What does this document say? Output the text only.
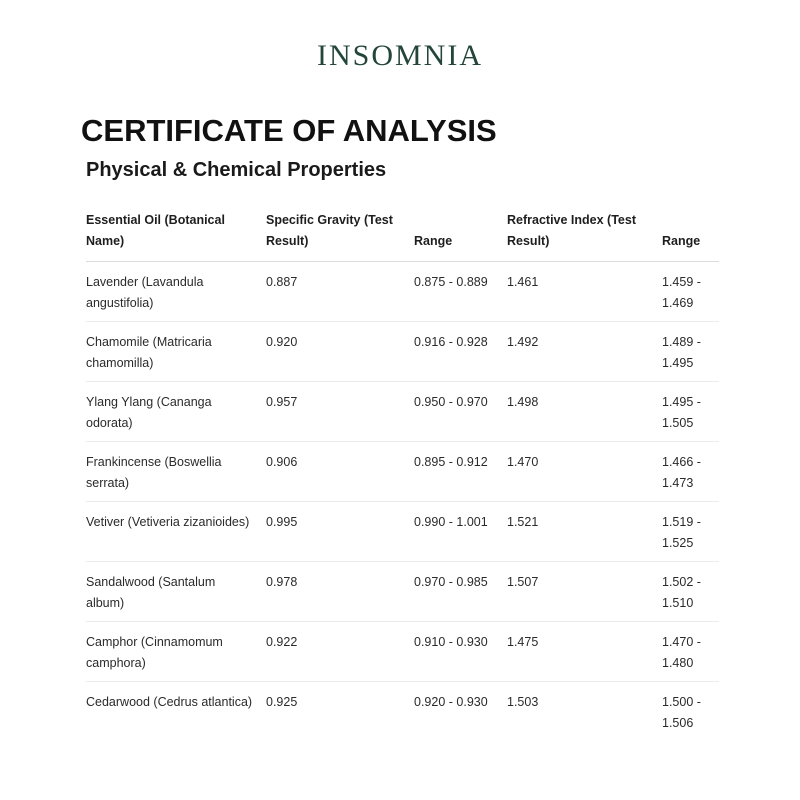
INSOMNIA
CERTIFICATE OF ANALYSIS
Physical & Chemical Properties
Essential Oil (Botanical Name)	Specific Gravity (Test Result)	Range	Refractive Index (Test Result)	Range

Lavender (Lavandula angustifolia)	0.887	0.875 - 0.889	1.461	1.459 - 1.469

Chamomile (Matricaria chamomilla)	0.920	0.916 - 0.928	1.492	1.489 - 1.495

Ylang Ylang (Cananga odorata)	0.957	0.950 - 0.970	1.498	1.495 - 1.505

Frankincense (Boswellia serrata)	0.906	0.895 - 0.912	1.470	1.466 - 1.473

Vetiver (Vetiveria zizanioides)	0.995	0.990 - 1.001	1.521	1.519 - 1.525

Sandalwood (Santalum album)	0.978	0.970 - 0.985	1.507	1.502 - 1.510

Camphor (Cinnamomum camphora)	0.922	0.910 - 0.930	1.475	1.470 - 1.480

Cedarwood (Cedrus atlantica)	0.925	0.920 - 0.930	1.503	1.500 - 1.506
